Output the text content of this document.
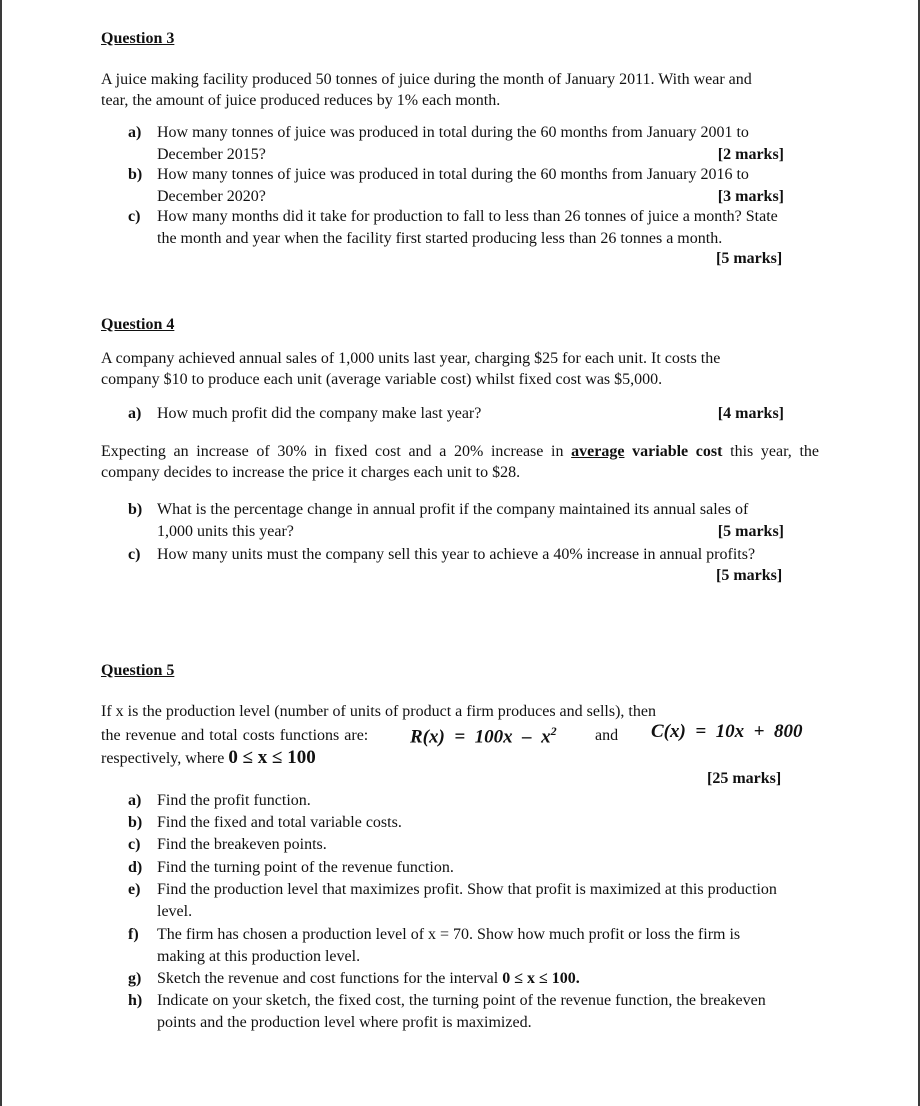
Question 3
A juice making facility produced 50 tonnes of juice during the month of January 2011. With wear and
tear, the amount of juice produced reduces by 1% each month.
a) How many tonnes of juice was produced in total during the 60 months from January 2001 to
December 2015?	[2 marks]
b) How many tonnes of juice was produced in total during the 60 months from January 2016 to
December 2020?	[3 marks]
c) How many months did it take for production to fall to less than 26 tonnes of juice a month? State
the month and year when the facility first started producing less than 26 tonnes a month.
[5 marks]
Question 4
A company achieved annual sales of 1,000 units last year, charging $25 for each unit. It costs the
company $10 to produce each unit (average variable cost) whilst fixed cost was $5,000.
a) How much profit did the company make last year?	[4 marks]
Expecting an increase of 30% in fixed cost and a 20% increase in average variable cost this year, the
company decides to increase the price it charges each unit to $28.
b) What is the percentage change in annual profit if the company maintained its annual sales of
1,000 units this year?	[5 marks]
c) How many units must the company sell this year to achieve a 40% increase in annual profits?
[5 marks]
Question 5
If x is the production level (number of units of product a firm produces and sells), then
the revenue and total costs functions are: $R(x) = 100x - x^2$ and C(x)  =  10x  +  800
respectively, where 0 ≤ x ≤ 100
[25 marks]
a) Find the profit function.
b) Find the fixed and total variable costs.
c) Find the breakeven points.
d) Find the turning point of the revenue function.
e) Find the production level that maximizes profit. Show that profit is maximized at this production
level.
f) The firm has chosen a production level of x = 70. Show how much profit or loss the firm is
making at this production level.
g) Sketch the revenue and cost functions for the interval 0 ≤ x ≤ 100.
h) Indicate on your sketch, the fixed cost, the turning point of the revenue function, the breakeven
points and the production level where profit is maximized.
